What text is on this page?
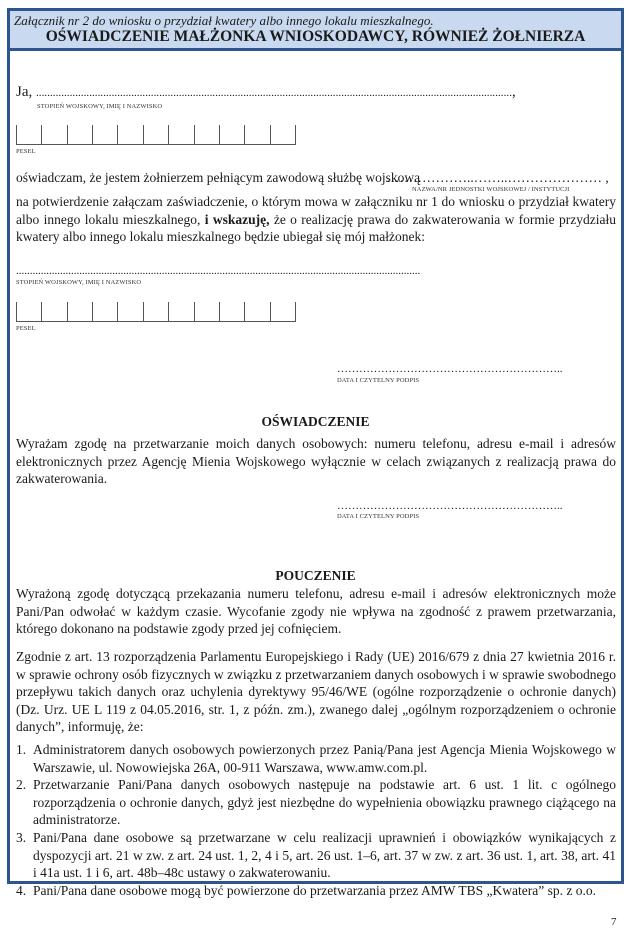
Załącznik nr 2 do wniosku o przydział kwatery albo innego lokalu mieszkalnego.
OŚWIADCZENIE MAŁŻONKA WNIOSKODAWCY, RÓWNIEŻ ŻOŁNIERZA
Ja, ..........................................................................................................................................................................,
STOPIEŃ WOJSKOWY, IMIĘ I NAZWISKO
PESEL
oświadczam, że jestem żołnierzem pełniącym zawodową służbę wojskową
………………..……..………………… ,
NAZWA/NR JEDNOSTKI WOJSKOWEJ / INSTYTUCJI
na potwierdzenie załączam zaświadczenie, o którym mowa w załączniku nr 1 do wniosku o przydział kwatery albo innego lokalu mieszkalnego, i wskazuję, że o realizację prawa do zakwaterowania w formie przydziału kwatery albo innego lokalu mieszkalnego będzie ubiegał się mój małżonek:
...................................................................................................................................................
STOPIEŃ WOJSKOWY, IMIĘ I NAZWISKO
PESEL
……………………………………………………..
DATA I CZYTELNY PODPIS
OŚWIADCZENIE
Wyrażam zgodę na przetwarzanie moich danych osobowych: numeru telefonu, adresu e-mail i adresów elektronicznych przez Agencję Mienia Wojskowego wyłącznie w celach związanych z realizacją prawa do zakwaterowania.
……………………………………………………..
DATA I CZYTELNY PODPIS
POUCZENIE
Wyrażoną zgodę dotyczącą przekazania numeru telefonu, adresu e-mail i adresów elektronicznych może Pani/Pan odwołać w każdym czasie. Wycofanie zgody nie wpływa na zgodność z prawem przetwarzania, którego dokonano na podstawie zgody przed jej cofnięciem.
Zgodnie z art. 13 rozporządzenia Parlamentu Europejskiego i Rady (UE) 2016/679 z dnia 27 kwietnia 2016 r. w sprawie ochrony osób fizycznych w związku z przetwarzaniem danych osobowych i w sprawie swobodnego przepływu takich danych oraz uchylenia dyrektywy 95/46/WE (ogólne rozporządzenie o ochronie danych) (Dz. Urz. UE L 119 z 04.05.2016, str. 1, z późn. zm.), zwanego dalej „ogólnym rozporządzeniem o ochronie danych”, informuję, że:
1. Administratorem danych osobowych powierzonych przez Panią/Pana jest Agencja Mienia Wojskowego w Warszawie, ul. Nowowiejska 26A, 00-911 Warszawa, www.amw.com.pl.
2. Przetwarzanie Pani/Pana danych osobowych następuje na podstawie art. 6 ust. 1 lit. c ogólnego rozporządzenia o ochronie danych, gdyż jest niezbędne do wypełnienia obowiązku prawnego ciążącego na administratorze.
3. Pani/Pana dane osobowe są przetwarzane w celu realizacji uprawnień i obowiązków wynikających z dyspozycji art. 21 w zw. z art. 24 ust. 1, 2, 4 i 5, art. 26 ust. 1–6, art. 37 w zw. z art. 36 ust. 1, art. 38, art. 41 i 41a ust. 1 i 6, art. 48b–48c ustawy o zakwaterowaniu.
4. Pani/Pana dane osobowe mogą być powierzone do przetwarzania przez AMW TBS „Kwatera” sp. z o.o.
7
